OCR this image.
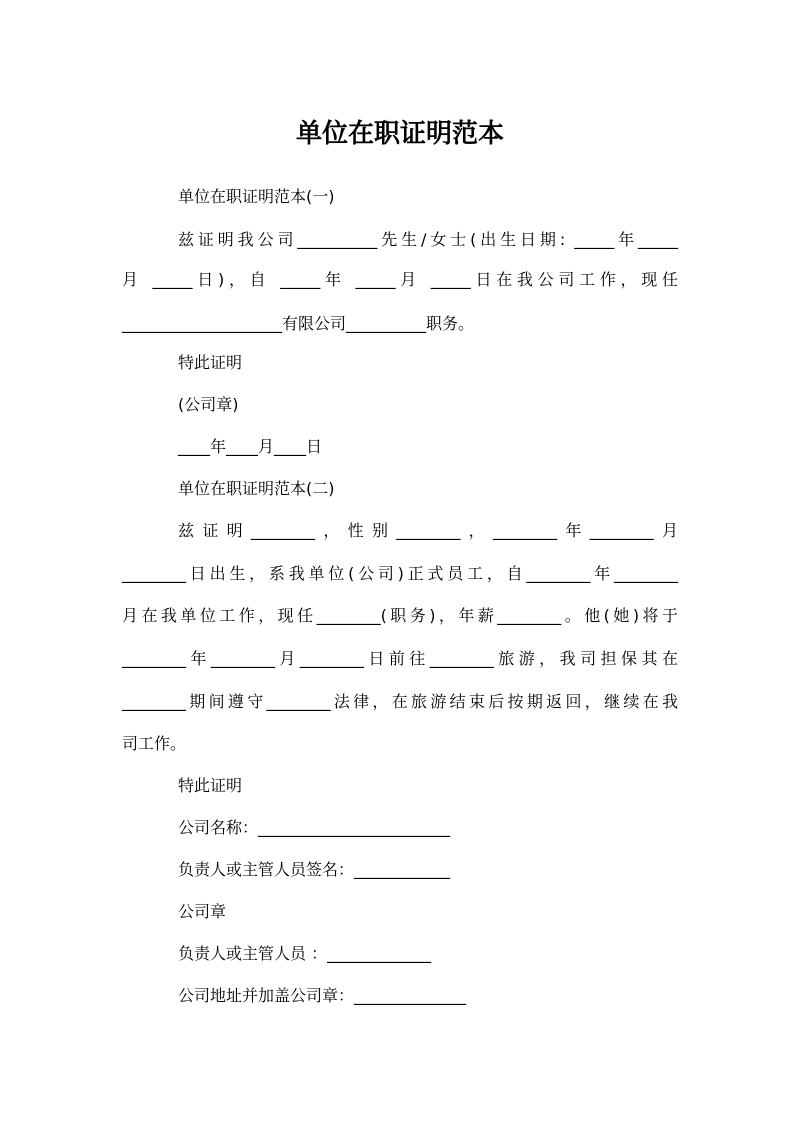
单位在职证明范本
单位在职证明范本(一)
兹证明我公司__________先生/女士(出生日期: _____年_____
月 _____日)，自 _____年 _____月 _____日在我公司工作，现任
____________________有限公司__________职务。
特此证明
(公司章)
____年____月____日
单位在职证明范本(二)
兹证明________，性别________，________年________月
________日出生，系我单位(公司)正式员工，自________年________
月在我单位工作，现任________(职务)，年薪________。他(她)将于
________年________月________日前往________旅游，我司担保其在
________期间遵守________法律，在旅游结束后按期返回，继续在我
司工作。
特此证明
公司名称：________________________
负责人或主管人员签名：____________
公司章
负责人或主管人员 ：_____________
公司地址并加盖公司章：______________
